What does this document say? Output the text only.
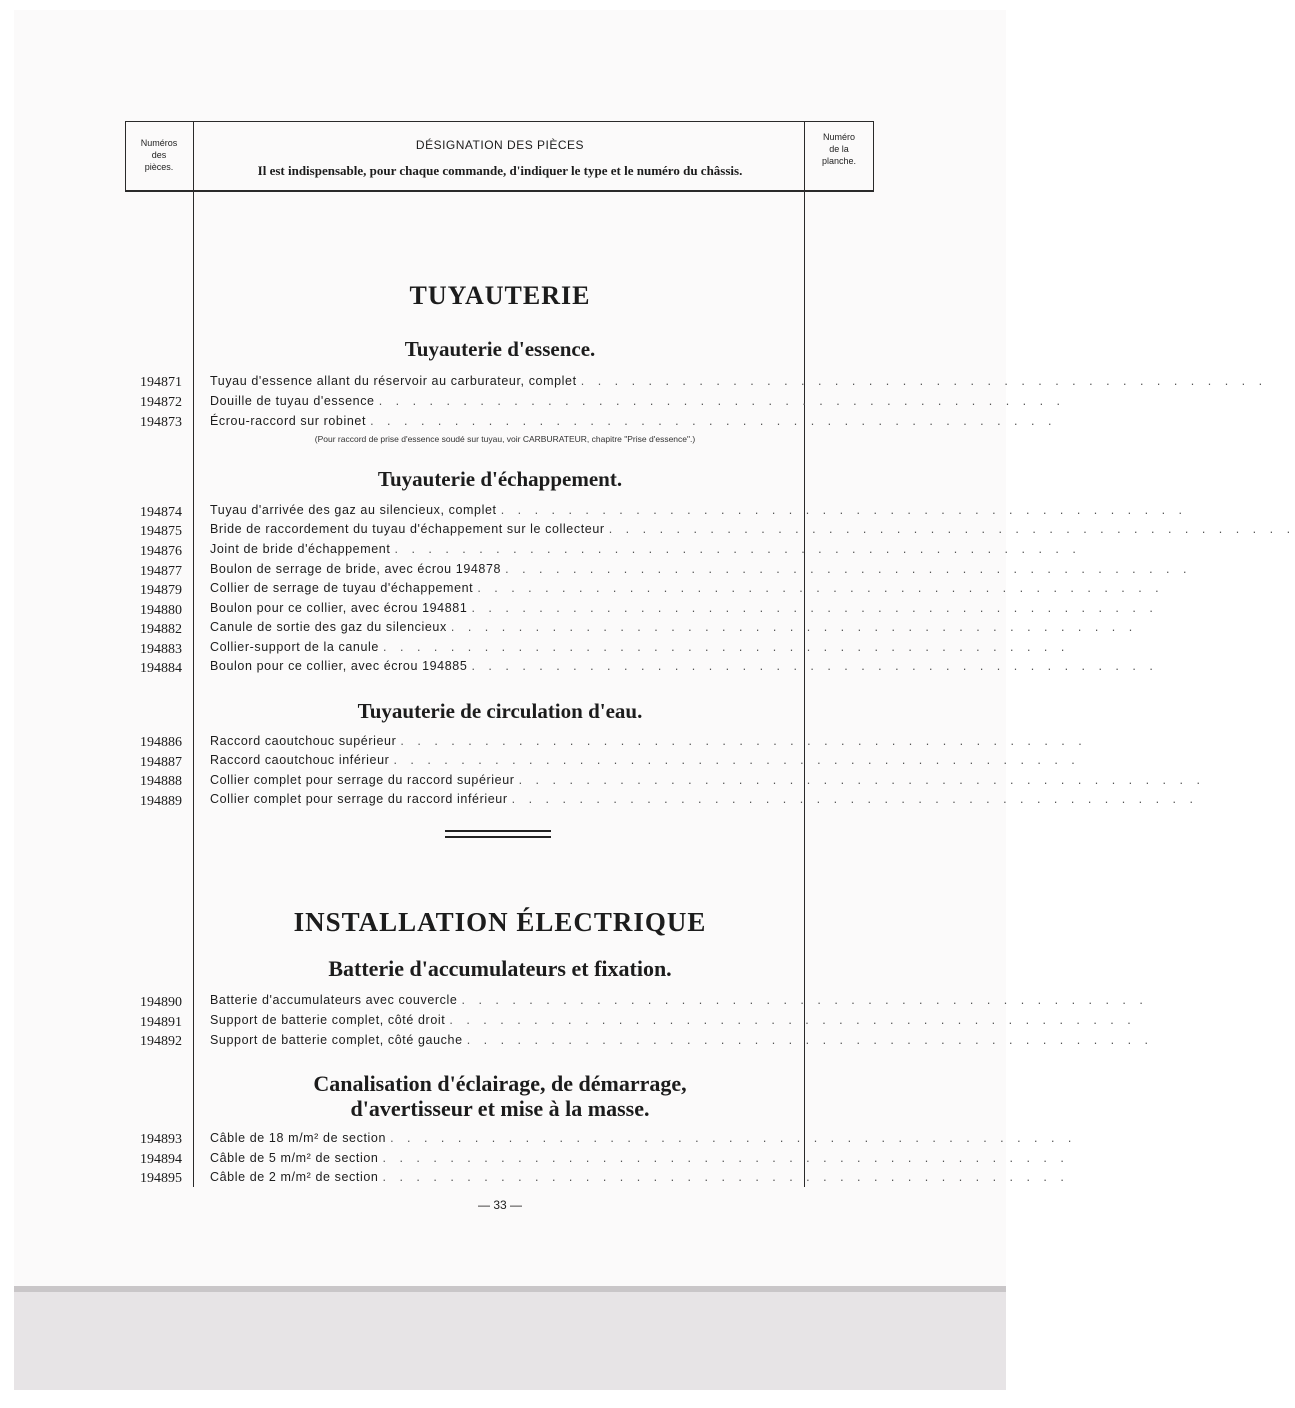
Numéros
des
pièces.
DÉSIGNATION DES PIÈCES
Il est indispensable, pour chaque commande, d'indiquer le type et le numéro du châssis.
Numéro
de la
planche.
TUYAUTERIE
Tuyauterie d'essence.
194871	Tuyau d'essence allant du réservoir au carburateur, complet . . . . . . . . . . . . . . . . . . . . . . . . . . . . . . . . . . . . . . . . .
194872	Douille de tuyau d'essence . . . . . . . . . . . . . . . . . . . . . . . . . . . . . . . . . . . . . . . . .
194873	Écrou-raccord sur robinet . . . . . . . . . . . . . . . . . . . . . . . . . . . . . . . . . . . . . . . . .
(Pour raccord de prise d'essence soudé sur tuyau, voir CARBURATEUR, chapitre "Prise d'essence".)
Tuyauterie d'échappement.
194874	Tuyau d'arrivée des gaz au silencieux, complet . . . . . . . . . . . . . . . . . . . . . . . . . . . . . . . . . . . . . . . . .
194875	Bride de raccordement du tuyau d'échappement sur le collecteur . . . . . . . . . . . . . . . . . . . . . . . . . . . . . . . . . . . . . . . . .
194876	Joint de bride d'échappement . . . . . . . . . . . . . . . . . . . . . . . . . . . . . . . . . . . . . . . . .
194877	Boulon de serrage de bride, avec écrou 194878 . . . . . . . . . . . . . . . . . . . . . . . . . . . . . . . . . . . . . . . . .
194879	Collier de serrage de tuyau d'échappement . . . . . . . . . . . . . . . . . . . . . . . . . . . . . . . . . . . . . . . . .
194880	Boulon pour ce collier, avec écrou 194881 . . . . . . . . . . . . . . . . . . . . . . . . . . . . . . . . . . . . . . . . .
194882	Canule de sortie des gaz du silencieux . . . . . . . . . . . . . . . . . . . . . . . . . . . . . . . . . . . . . . . . .
194883	Collier-support de la canule . . . . . . . . . . . . . . . . . . . . . . . . . . . . . . . . . . . . . . . . .
194884	Boulon pour ce collier, avec écrou 194885 . . . . . . . . . . . . . . . . . . . . . . . . . . . . . . . . . . . . . . . . .
Tuyauterie de circulation d'eau.
194886	Raccord caoutchouc supérieur . . . . . . . . . . . . . . . . . . . . . . . . . . . . . . . . . . . . . . . . .
194887	Raccord caoutchouc inférieur . . . . . . . . . . . . . . . . . . . . . . . . . . . . . . . . . . . . . . . . .
194888	Collier complet pour serrage du raccord supérieur . . . . . . . . . . . . . . . . . . . . . . . . . . . . . . . . . . . . . . . . .
194889	Collier complet pour serrage du raccord inférieur . . . . . . . . . . . . . . . . . . . . . . . . . . . . . . . . . . . . . . . . .
INSTALLATION ÉLECTRIQUE
Batterie d'accumulateurs et fixation.
194890	Batterie d'accumulateurs avec couvercle . . . . . . . . . . . . . . . . . . . . . . . . . . . . . . . . . . . . . . . . .
194891	Support de batterie complet, côté droit . . . . . . . . . . . . . . . . . . . . . . . . . . . . . . . . . . . . . . . . .
194892	Support de batterie complet, côté gauche . . . . . . . . . . . . . . . . . . . . . . . . . . . . . . . . . . . . . . . . .
Canalisation d'éclairage, de démarrage,
d'avertisseur et mise à la masse.
194893	Câble de 18 m/m² de section . . . . . . . . . . . . . . . . . . . . . . . . . . . . . . . . . . . . . . . . .
194894	Câble de 5 m/m² de section . . . . . . . . . . . . . . . . . . . . . . . . . . . . . . . . . . . . . . . . .
194895	Câble de 2 m/m² de section . . . . . . . . . . . . . . . . . . . . . . . . . . . . . . . . . . . . . . . . .
— 33 —
